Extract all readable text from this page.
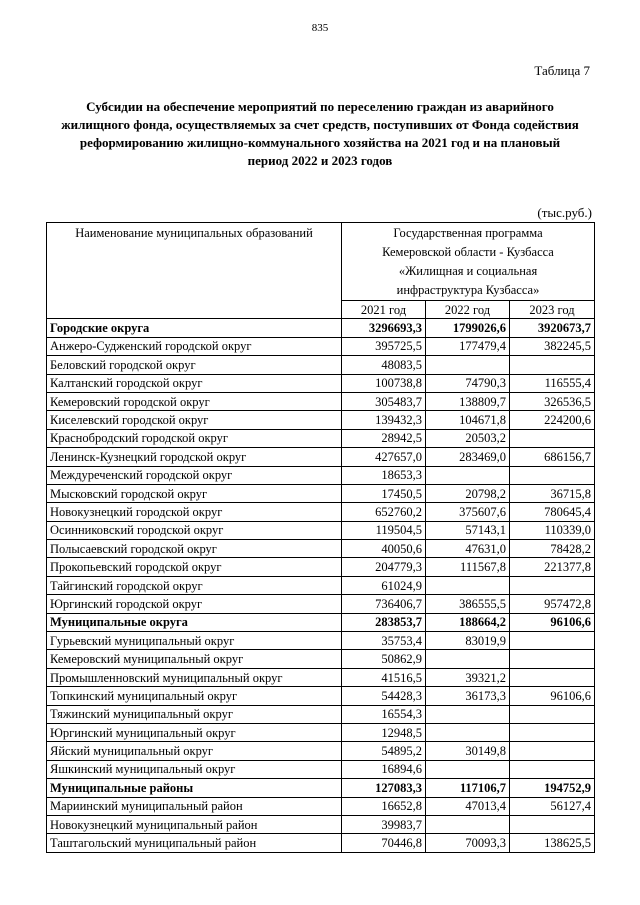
835
Таблица 7
Субсидии на обеспечение мероприятий по переселению граждан из аварийного жилищного фонда, осуществляемых за счет средств, поступивших от Фонда содействия реформированию жилищно-коммунального хозяйства на 2021 год и на плановый период 2022 и 2023 годов
(тыс.руб.)
Наименование муниципальных образований	Государственная программа
Кемеровской области - Кузбасса
«Жилищная и социальная
инфраструктура Кузбасса»		

	2021 год	2022 год	2023 год
Городские округа	3296693,3	1799026,6	3920673,7
Анжеро-Судженский городской округ	395725,5	177479,4	382245,5
Беловский городской округ	48083,5		
Калтанский городской округ	100738,8	74790,3	116555,4
Кемеровский городской округ	305483,7	138809,7	326536,5
Киселевский городской округ	139432,3	104671,8	224200,6
Краснобродский городской округ	28942,5	20503,2	
Ленинск-Кузнецкий городской округ	427657,0	283469,0	686156,7
Междуреченский городской округ	18653,3		
Мысковский городской округ	17450,5	20798,2	36715,8
Новокузнецкий городской округ	652760,2	375607,6	780645,4
Осинниковский городской округ	119504,5	57143,1	110339,0
Полысаевский городской округ	40050,6	47631,0	78428,2
Прокопьевский городской округ	204779,3	111567,8	221377,8
Тайгинский городской округ	61024,9		
Юргинский городской округ	736406,7	386555,5	957472,8
Муниципальные округа	283853,7	188664,2	96106,6
Гурьевский муниципальный округ	35753,4	83019,9	
Кемеровский муниципальный округ	50862,9		
Промышленновский муниципальный округ	41516,5	39321,2	
Топкинский муниципальный округ	54428,3	36173,3	96106,6
Тяжинский муниципальный округ	16554,3		
Юргинский муниципальный округ	12948,5		
Яйский муниципальный округ	54895,2	30149,8	
Яшкинский муниципальный округ	16894,6		
Муниципальные районы	127083,3	117106,7	194752,9
Мариинский муниципальный район	16652,8	47013,4	56127,4
Новокузнецкий муниципальный район	39983,7		
Таштагольский муниципальный район	70446,8	70093,3	138625,5
